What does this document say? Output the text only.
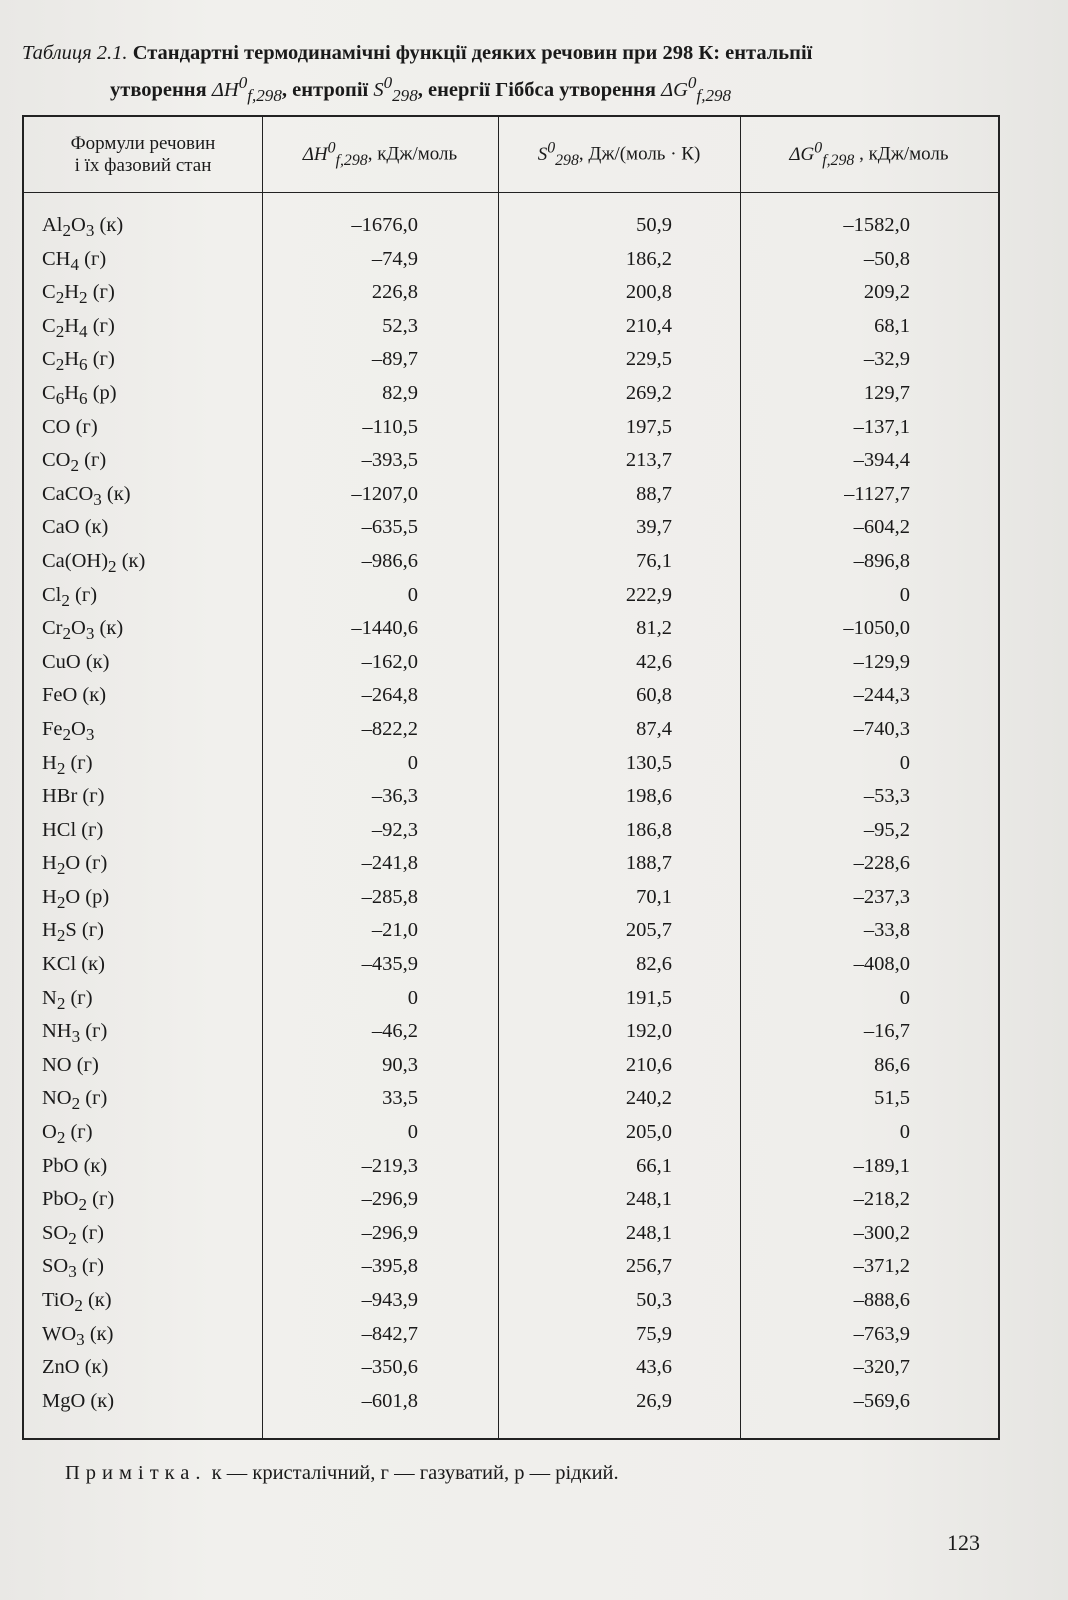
Таблиця 2.1. Стандартні термодинамічні функції деяких речовин при 298 К: ентальпії
утворення $\Delta H^0_{f,298}$, ентропії $S^0_{298}$, енергії Гіббса утворення $\Delta G^0_{f,298}$
Формули речовин
і їх фазовий стан
$\Delta H^0_{f,298}$, кДж/моль	$S^0_{298}$, Дж/(моль · К)	$\Delta G^0_{f,298}$ , кДж/моль
$Al_2O_3$ (к)	–1676,0	50,9	–1582,0
$CH_4$ (г)	–74,9	186,2	–50,8
$C_2H_2$ (г)	226,8	200,8	209,2
$C_2H_4$ (г)	52,3	210,4	68,1
$C_2H_6$ (г)	–89,7	229,5	–32,9
$C_6H_6$ (р)	82,9	269,2	129,7
CO (г)	–110,5	197,5	–137,1
$CO_2$ (г)	–393,5	213,7	–394,4
CaCO$_3$ (к)	–1207,0	88,7	–1127,7
CaO (к)	–635,5	39,7	–604,2
$Ca(OH)_2$ (к)	–986,6	76,1	–896,8
$Cl_2$ (г)	0	222,9	0
$Cr_2O_3$ (к)	–1440,6	81,2	–1050,0
CuO (к)	–162,0	42,6	–129,9
FeO (к)	–264,8	60,8	–244,3
$Fe_2O_3$	–822,2	87,4	–740,3
$H_2$ (г)	0	130,5	0
HBr (г)	–36,3	198,6	–53,3
HCl (г)	–92,3	186,8	–95,2
$H_2O$ (г)	–241,8	188,7	–228,6
$H_2O$ (р)	–285,8	70,1	–237,3
$H_2S$ (г)	–21,0	205,7	–33,8
KCl (к)	–435,9	82,6	–408,0
$N_2$ (г)	0	191,5	0
$NH_3$ (г)	–46,2	192,0	–16,7
NO (г)	90,3	210,6	86,6
$NO_2$ (г)	33,5	240,2	51,5
$O_2$ (г)	0	205,0	0
PbO (к)	–219,3	66,1	–189,1
PbO$_2$ (г)	–296,9	248,1	–218,2
$SO_2$ (г)	–296,9	248,1	–300,2
$SO_3$ (г)	–395,8	256,7	–371,2
TiO$_2$ (к)	–943,9	50,3	–888,6
$WO_3$ (к)	–842,7	75,9	–763,9
ZnO (к)	–350,6	43,6	–320,7
MgO (к)	–601,8	26,9	–569,6
Примітка. к — кристалічний, г — газуватий, р — рідкий.
123
